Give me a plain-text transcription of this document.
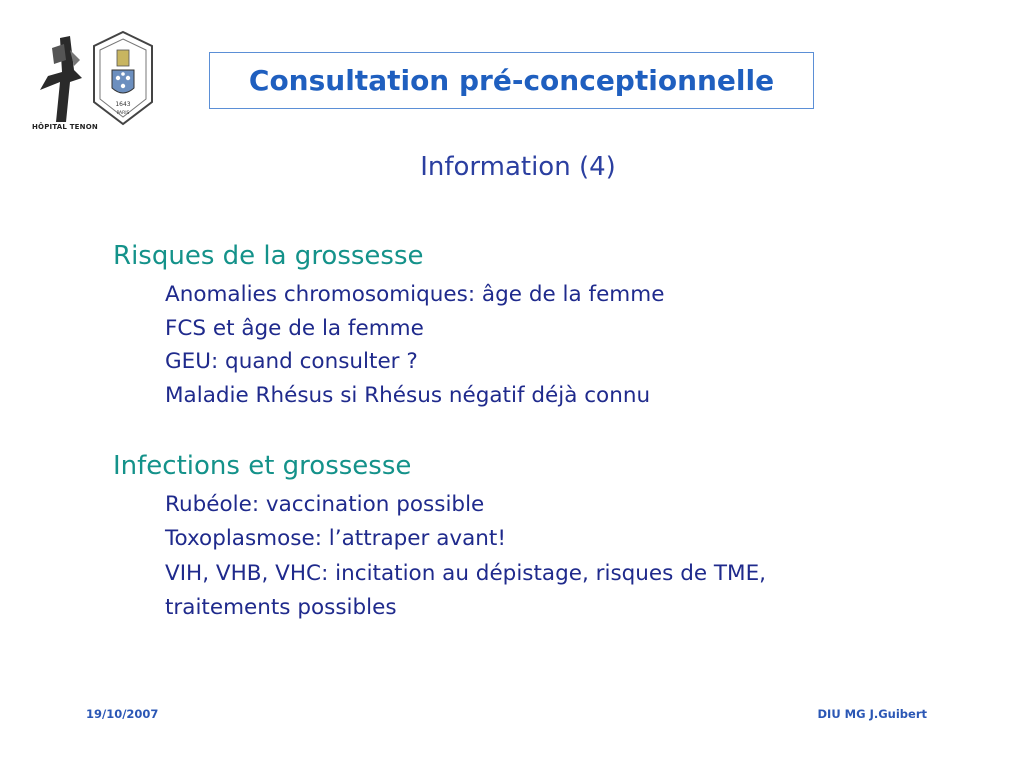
HÔPITAL TENON
1643
PARIS
Consultation pré-conceptionnelle
Information (4)
Risques de la grossesse
Anomalies chromosomiques: âge de la femme
FCS et âge de la femme
GEU: quand consulter ?
Maladie Rhésus si Rhésus négatif déjà connu
Infections et grossesse
Rubéole: vaccination possible
Toxoplasmose: l’attraper avant!
VIH, VHB, VHC: incitation au dépistage, risques de TME,
traitements possibles
19/10/2007	DIU MG J.Guibert
